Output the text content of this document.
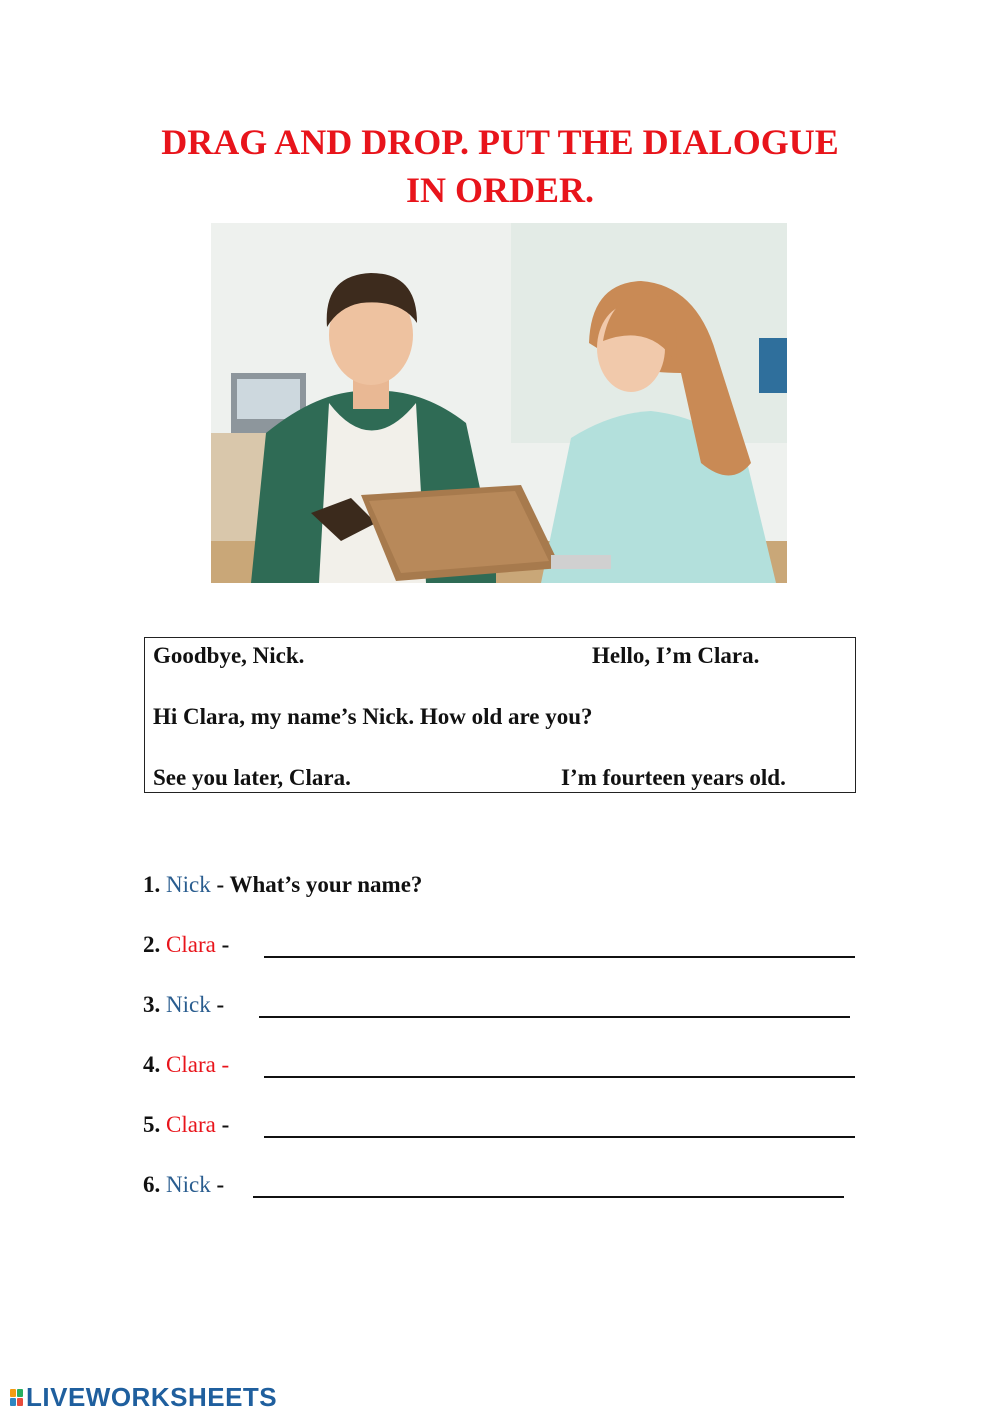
DRAG AND DROP. PUT THE DIALOGUE
IN ORDER.
Goodbye, Nick.	Hello, I’m Clara.
Hi Clara, my name’s Nick. How old are you?
See you later, Clara.	I’m fourteen years old.
1. Nick - What’s your name?
2. Clara -
3. Nick -
4. Clara -
5. Clara -
6. Nick -
LIVEWORKSHEETS
